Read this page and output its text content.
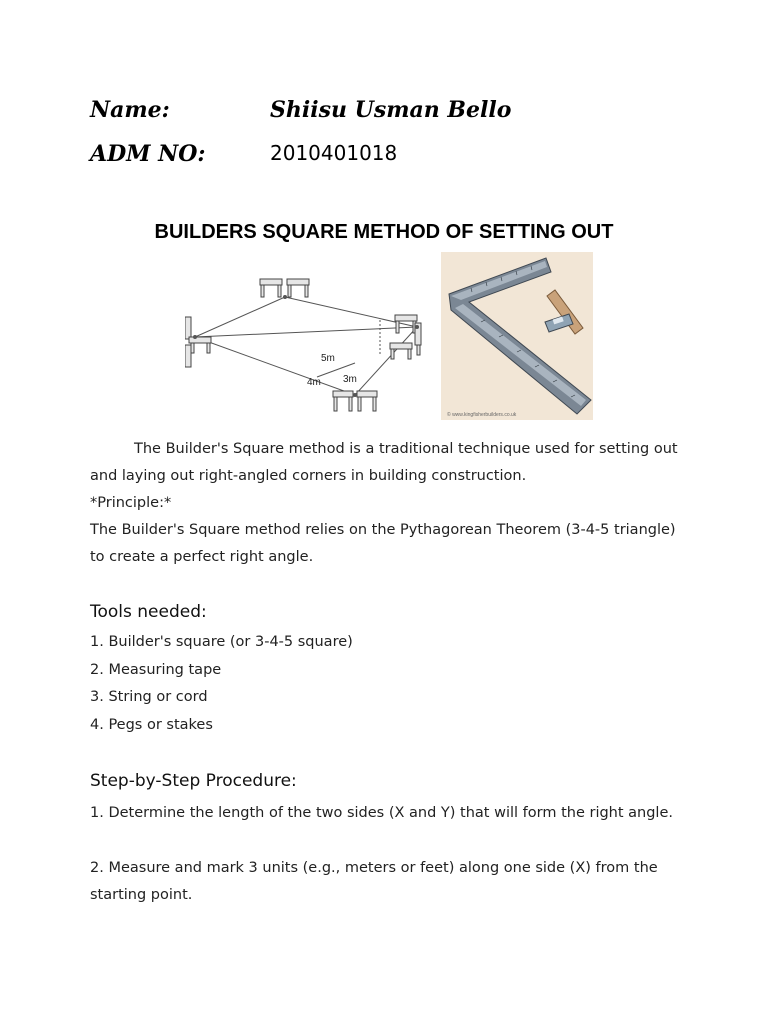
Name:	Shiisu Usman Bello
ADM NO:	2010401018
BUILDERS SQUARE METHOD OF SETTING OUT
5m
4m 3m
© www.kingfisherbuilders.co.uk
The Builder's Square method is a traditional technique used for setting out and laying out right-angled corners in building construction.
*Principle:*
The Builder's Square method relies on the Pythagorean Theorem (3-4-5 triangle) to create a perfect right angle.
Tools needed:
1. Builder's square (or 3-4-5 square)
2. Measuring tape
3. String or cord
4. Pegs or stakes
Step-by-Step Procedure:
1. Determine the length of the two sides (X and Y) that will form the right angle.
2. Measure and mark 3 units (e.g., meters or feet) along one side (X) from the starting point.
